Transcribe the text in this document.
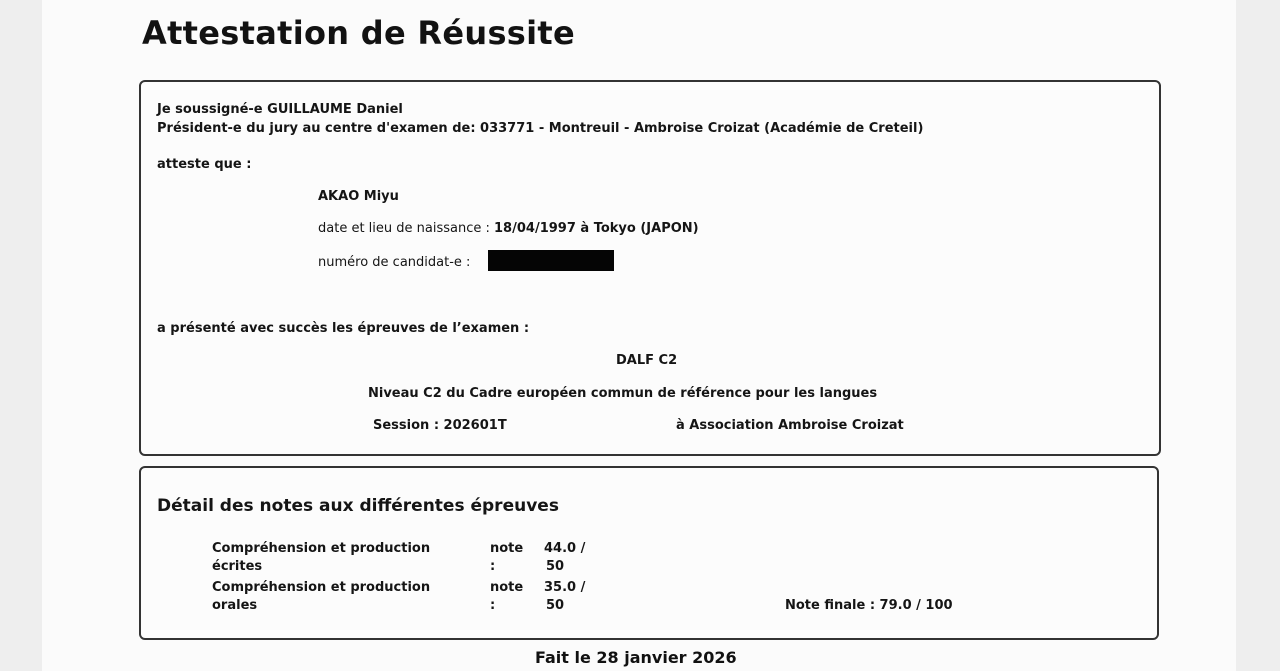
Attestation de Réussite
Je soussigné-e GUILLAUME Daniel
Président-e du jury au centre d'examen de: 033771 - Montreuil - Ambroise Croizat (Académie de Creteil)
atteste que :
AKAO Miyu
date et lieu de naissance : 18/04/1997 à Tokyo (JAPON)
numéro de candidat-e :
a présenté avec succès les épreuves de l’examen :
DALF C2
Niveau C2 du Cadre européen commun de référence pour les langues
Session : 202601T	à Association Ambroise Croizat
Détail des notes aux différentes épreuves
Compréhension et production
écrites
note
:
44.0 /
50
Compréhension et production
orales
note
:
35.0 /
50	Note finale : 79.0 / 100
Fait le 28 janvier 2026
